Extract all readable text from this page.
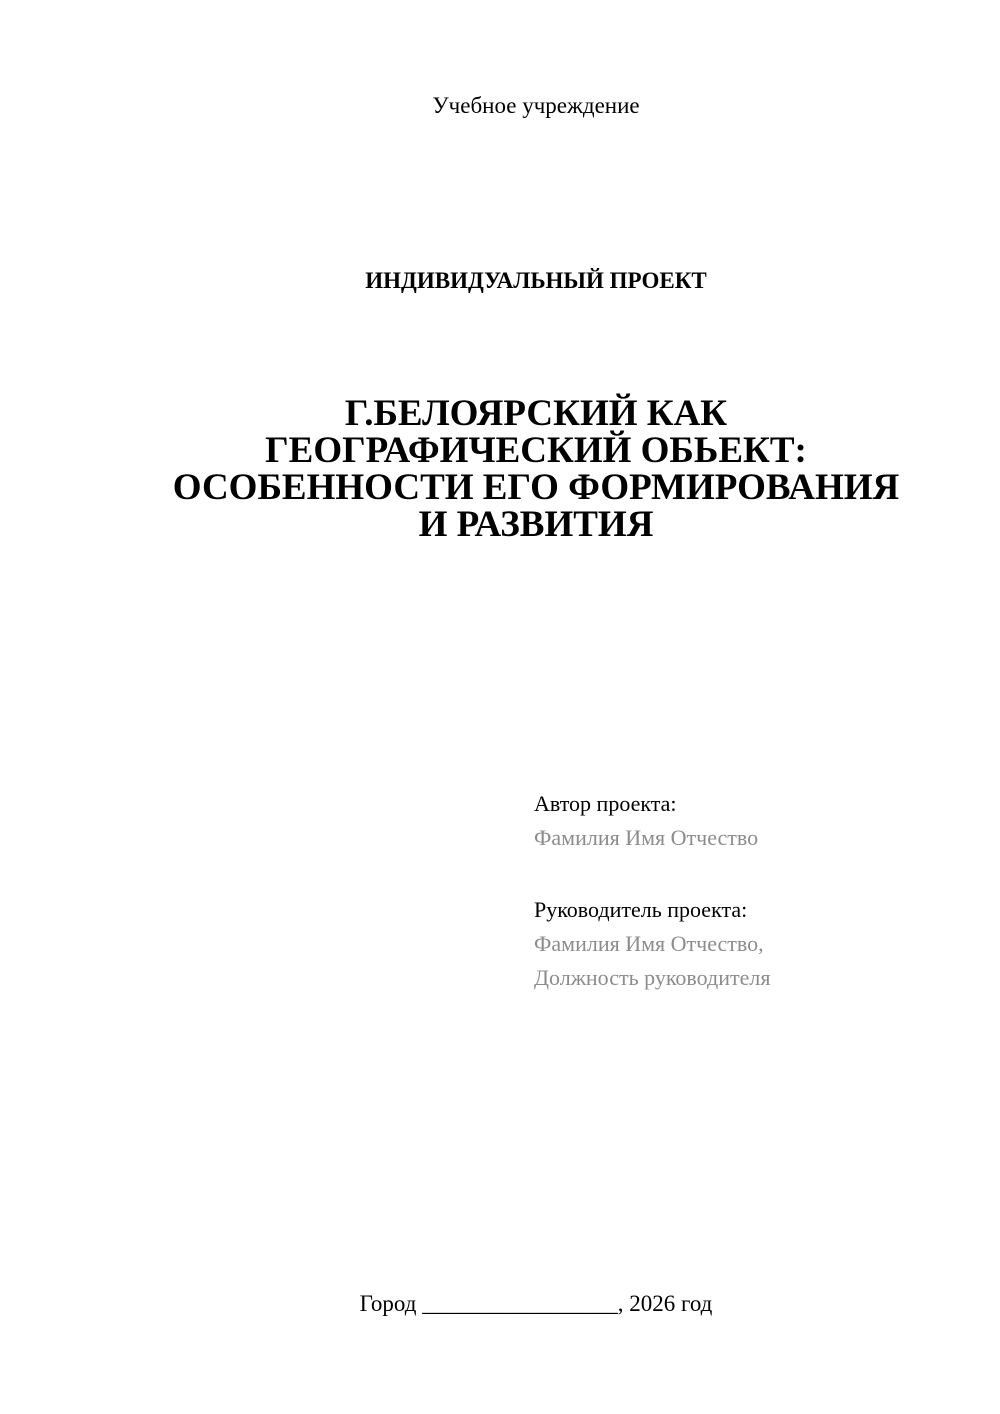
Учебное учреждение
ИНДИВИДУАЛЬНЫЙ ПРОЕКТ
Г.БЕЛОЯРСКИЙ КАК
ГЕОГРАФИЧЕСКИЙ ОБЬЕКТ:
ОСОБЕННОСТИ ЕГО ФОРМИРОВАНИЯ
И РАЗВИТИЯ
Автор проекта:
Фамилия Имя Отчество
Руководитель проекта:
Фамилия Имя Отчество,
Должность руководителя
Город _________________, 2026 год
